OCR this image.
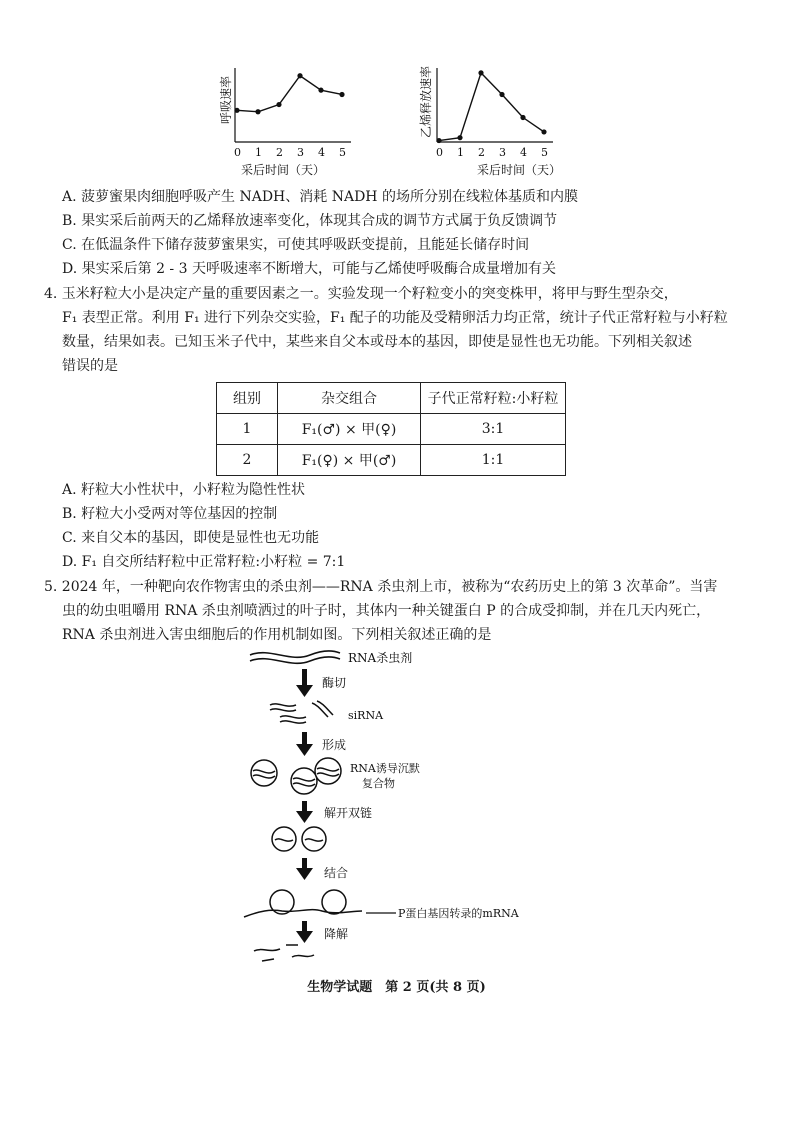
呼吸速率
0 1 2 3 4 5
采后时间（天）
乙烯释放速率
0 1 2 3 4 5
采后时间（天）
A. 菠萝蜜果肉细胞呼吸产生 NADH、消耗 NADH 的场所分别在线粒体基质和内膜
B. 果实采后前两天的乙烯释放速率变化，体现其合成的调节方式属于负反馈调节
C. 在低温条件下储存菠萝蜜果实，可使其呼吸跃变提前，且能延长储存时间
D. 果实采后第 2 - 3 天呼吸速率不断增大，可能与乙烯使呼吸酶合成量增加有关
4. 玉米籽粒大小是决定产量的重要因素之一。实验发现一个籽粒变小的突变株甲，将甲与野生型杂交，
F₁ 表型正常。利用 F₁ 进行下列杂交实验，F₁ 配子的功能及受精卵活力均正常，统计子代正常籽粒与小籽粒
数量，结果如表。已知玉米子代中，某些来自父本或母本的基因，即使是显性也无功能。下列相关叙述
错误的是
组别	杂交组合	子代正常籽粒:小籽粒
1	F₁(♂) × 甲(♀)	3:1
2	F₁(♀) × 甲(♂)	1:1
A. 籽粒大小性状中，小籽粒为隐性性状
B. 籽粒大小受两对等位基因的控制
C. 来自父本的基因，即使是显性也无功能
D. F₁ 自交所结籽粒中正常籽粒:小籽粒 = 7:1
5. 2024 年，一种靶向农作物害虫的杀虫剂——RNA 杀虫剂上市，被称为“农药历史上的第 3 次革命”。当害
虫的幼虫咀嚼用 RNA 杀虫剂喷洒过的叶子时，其体内一种关键蛋白 P 的合成受抑制，并在几天内死亡，
RNA 杀虫剂进入害虫细胞后的作用机制如图。下列相关叙述正确的是
RNA杀虫剂
酶切
siRNA
形成
RNA诱导沉默
复合物
解开双链
结合
P蛋白基因转录的mRNA
降解
生物学试题　第 2 页(共 8 页)
